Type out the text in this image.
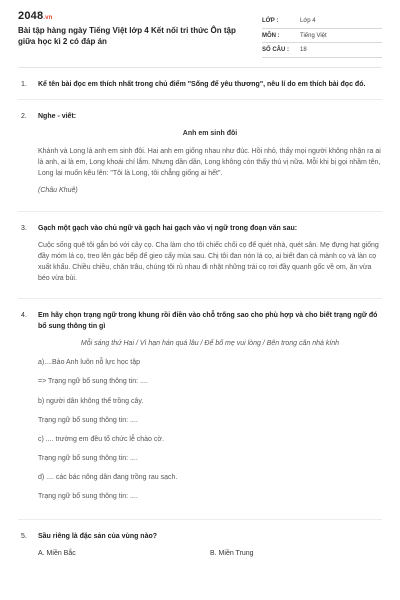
2048.vn
Bài tập hàng ngày Tiếng Việt lớp 4 Kết nối tri thức Ôn tập giữa học kì 2 có đáp án
LỚP :	Lớp 4
MÔN :	Tiếng Việt
SỐ CÂU :	18
1.	Kể tên bài đọc em thích nhất trong chủ điểm "Sống để yêu thương", nêu lí do em thích bài đọc đó.
2.	Nghe - viết:
Anh em sinh đôi
Khánh và Long là anh em sinh đôi. Hai anh em giống nhau như đúc. Hồi nhỏ, thấy mọi người không nhận ra ai là anh, ai là em, Long khoái chí lắm. Nhưng dần dần, Long không còn thấy thú vị nữa. Mỗi khi bị gọi nhầm tên, Long lại muốn kêu lên: "Tôi là Long, tôi chẳng giống ai hết".
(Châu Khuê)
3.	Gạch một gạch vào chủ ngữ và gạch hai gạch vào vị ngữ trong đoạn văn sau:
Cuộc sống quê tôi gắn bó với cây cọ. Cha làm cho tôi chiếc chổi cọ để quét nhà, quét sân. Mẹ đựng hạt giống đầy móm lá cọ, treo lên gác bếp để gieo cấy mùa sau. Chị tôi đan nón lá cọ, ai biết đan cả mành cọ và làn cọ xuất khẩu. Chiều chiều, chăn trâu, chúng tôi rủ nhau đi nhặt những trái cọ rơi đầy quanh gốc về om, ăn vừa béo vừa bùi.
4.	Em hãy chọn trạng ngữ trong khung rồi điền vào chỗ trống sao cho phù hợp và cho biết trạng ngữ đó bổ sung thông tin gì
Mỗi sáng thứ Hai / Vì hạn hán quá lâu / Để bố mẹ vui lòng / Bên trong căn nhà kính
a)....Bảo Anh luôn nỗ lực học tập
=> Trạng ngữ bổ sung thông tin: ....
b) người dân không thể trồng cây.
Trạng ngữ bổ sung thông tin: ....
c) .... trường em đều tổ chức lễ chào cờ.
Trạng ngữ bổ sung thông tin: ....
d) .... các bác nông dân đang trồng rau sạch.
Trạng ngữ bổ sung thông tin: ....
5.	Sầu riêng là đặc sản của vùng nào?
A. Miền Bắc	B. Miền Trung
